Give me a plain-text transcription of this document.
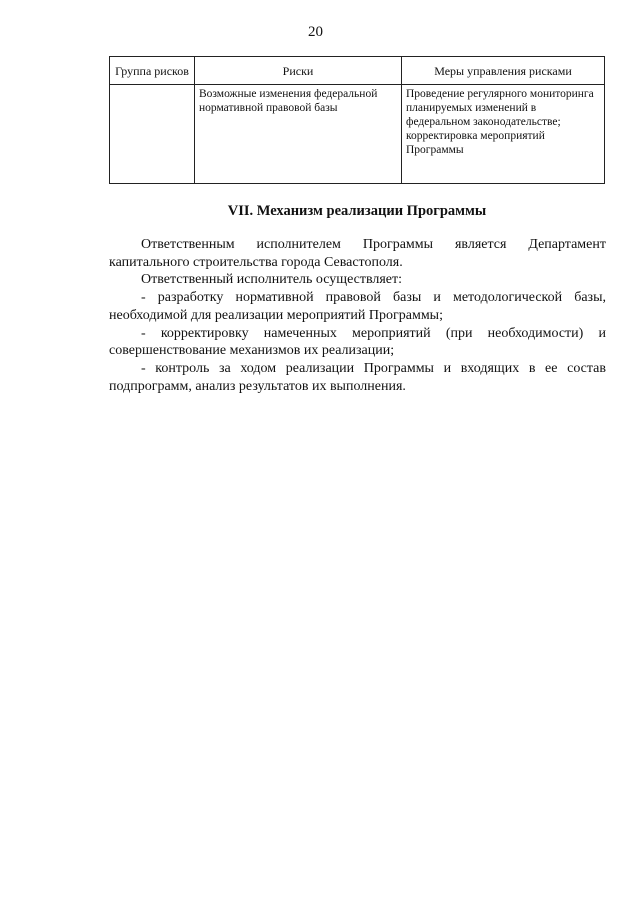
20
Группа рисков	Риски	Меры управления рисками
	Возможные изменения федеральной нормативной правовой базы	Проведение регулярного мониторинга планируемых изменений в федеральном законодательстве; корректировка мероприятий Программы
VII. Механизм реализации Программы

Ответственным исполнителем Программы является Департамент капитального строительства города Севастополя.

Ответственный исполнитель осуществляет:

- разработку нормативной правовой базы и методологической базы, необходимой для реализации мероприятий Программы;

- корректировку намеченных мероприятий (при необходимости) и совершенствование механизмов их реализации;

- контроль за ходом реализации Программы и входящих в ее состав подпрограмм, анализ результатов их выполнения.
